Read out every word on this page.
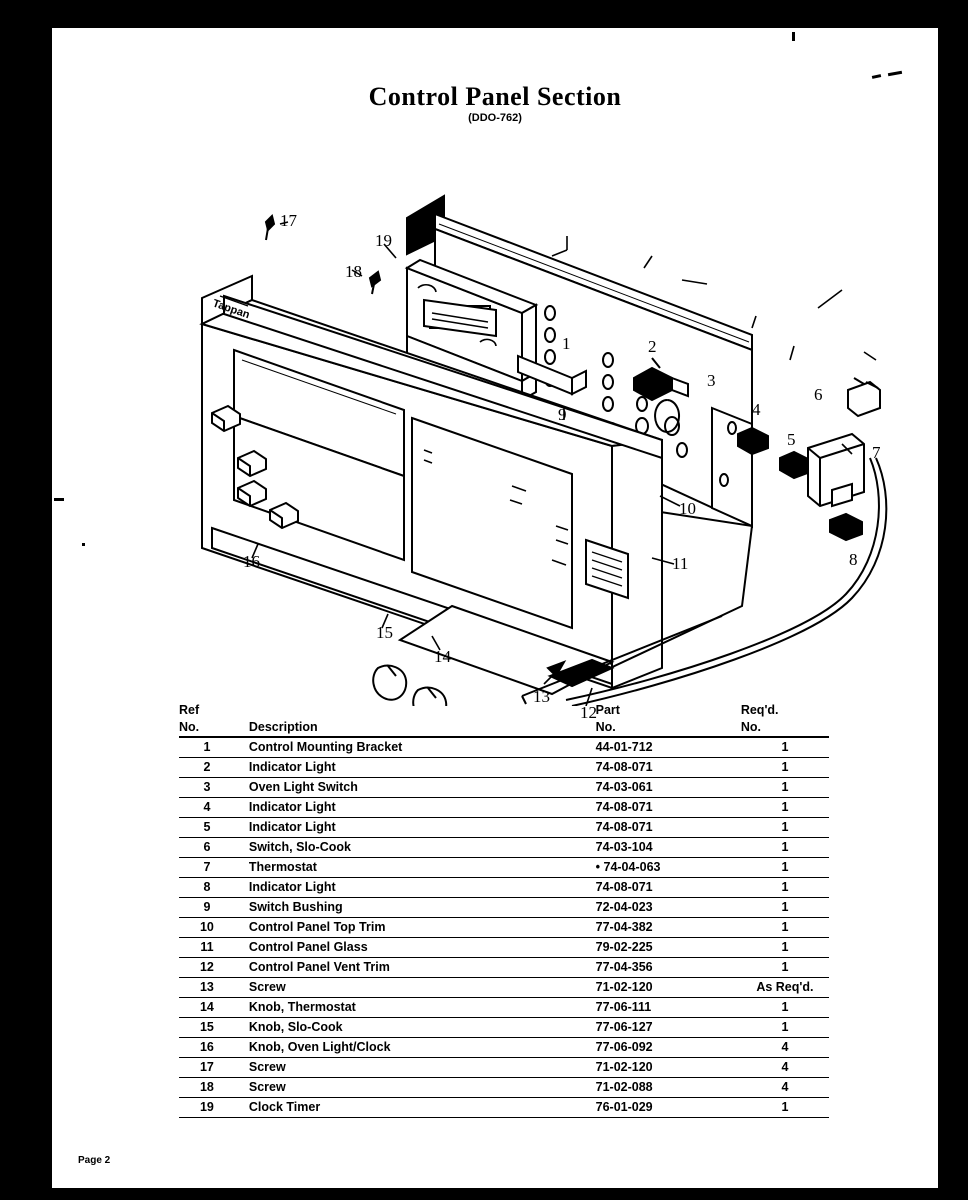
Control Panel Section
(DDO-762)
Tappan
1	2
3
4
5
6
7
8
9
10
11
12
13
14
15
16
17
18
19
Ref		Part	Req'd.
No.	Description	No.	No.
1	Control Mounting Bracket	44-01-712	1
2	Indicator Light	74-08-071	1
3	Oven Light Switch	74-03-061	1
4	Indicator Light	74-08-071	1
5	Indicator Light	74-08-071	1
6	Switch, Slo-Cook	74-03-104	1
7	Thermostat	• 74-04-063	1
8	Indicator Light	74-08-071	1
9	Switch Bushing	72-04-023	1
10	Control Panel Top Trim	77-04-382	1
11	Control Panel Glass	79-02-225	1
12	Control Panel Vent Trim	77-04-356	1
13	Screw	71-02-120	As Req'd.
14	Knob, Thermostat	77-06-111	1
15	Knob, Slo-Cook	77-06-127	1
16	Knob, Oven Light/Clock	77-06-092	4
17	Screw	71-02-120	4
18	Screw	71-02-088	4
19	Clock Timer	76-01-029	1
Page 2
